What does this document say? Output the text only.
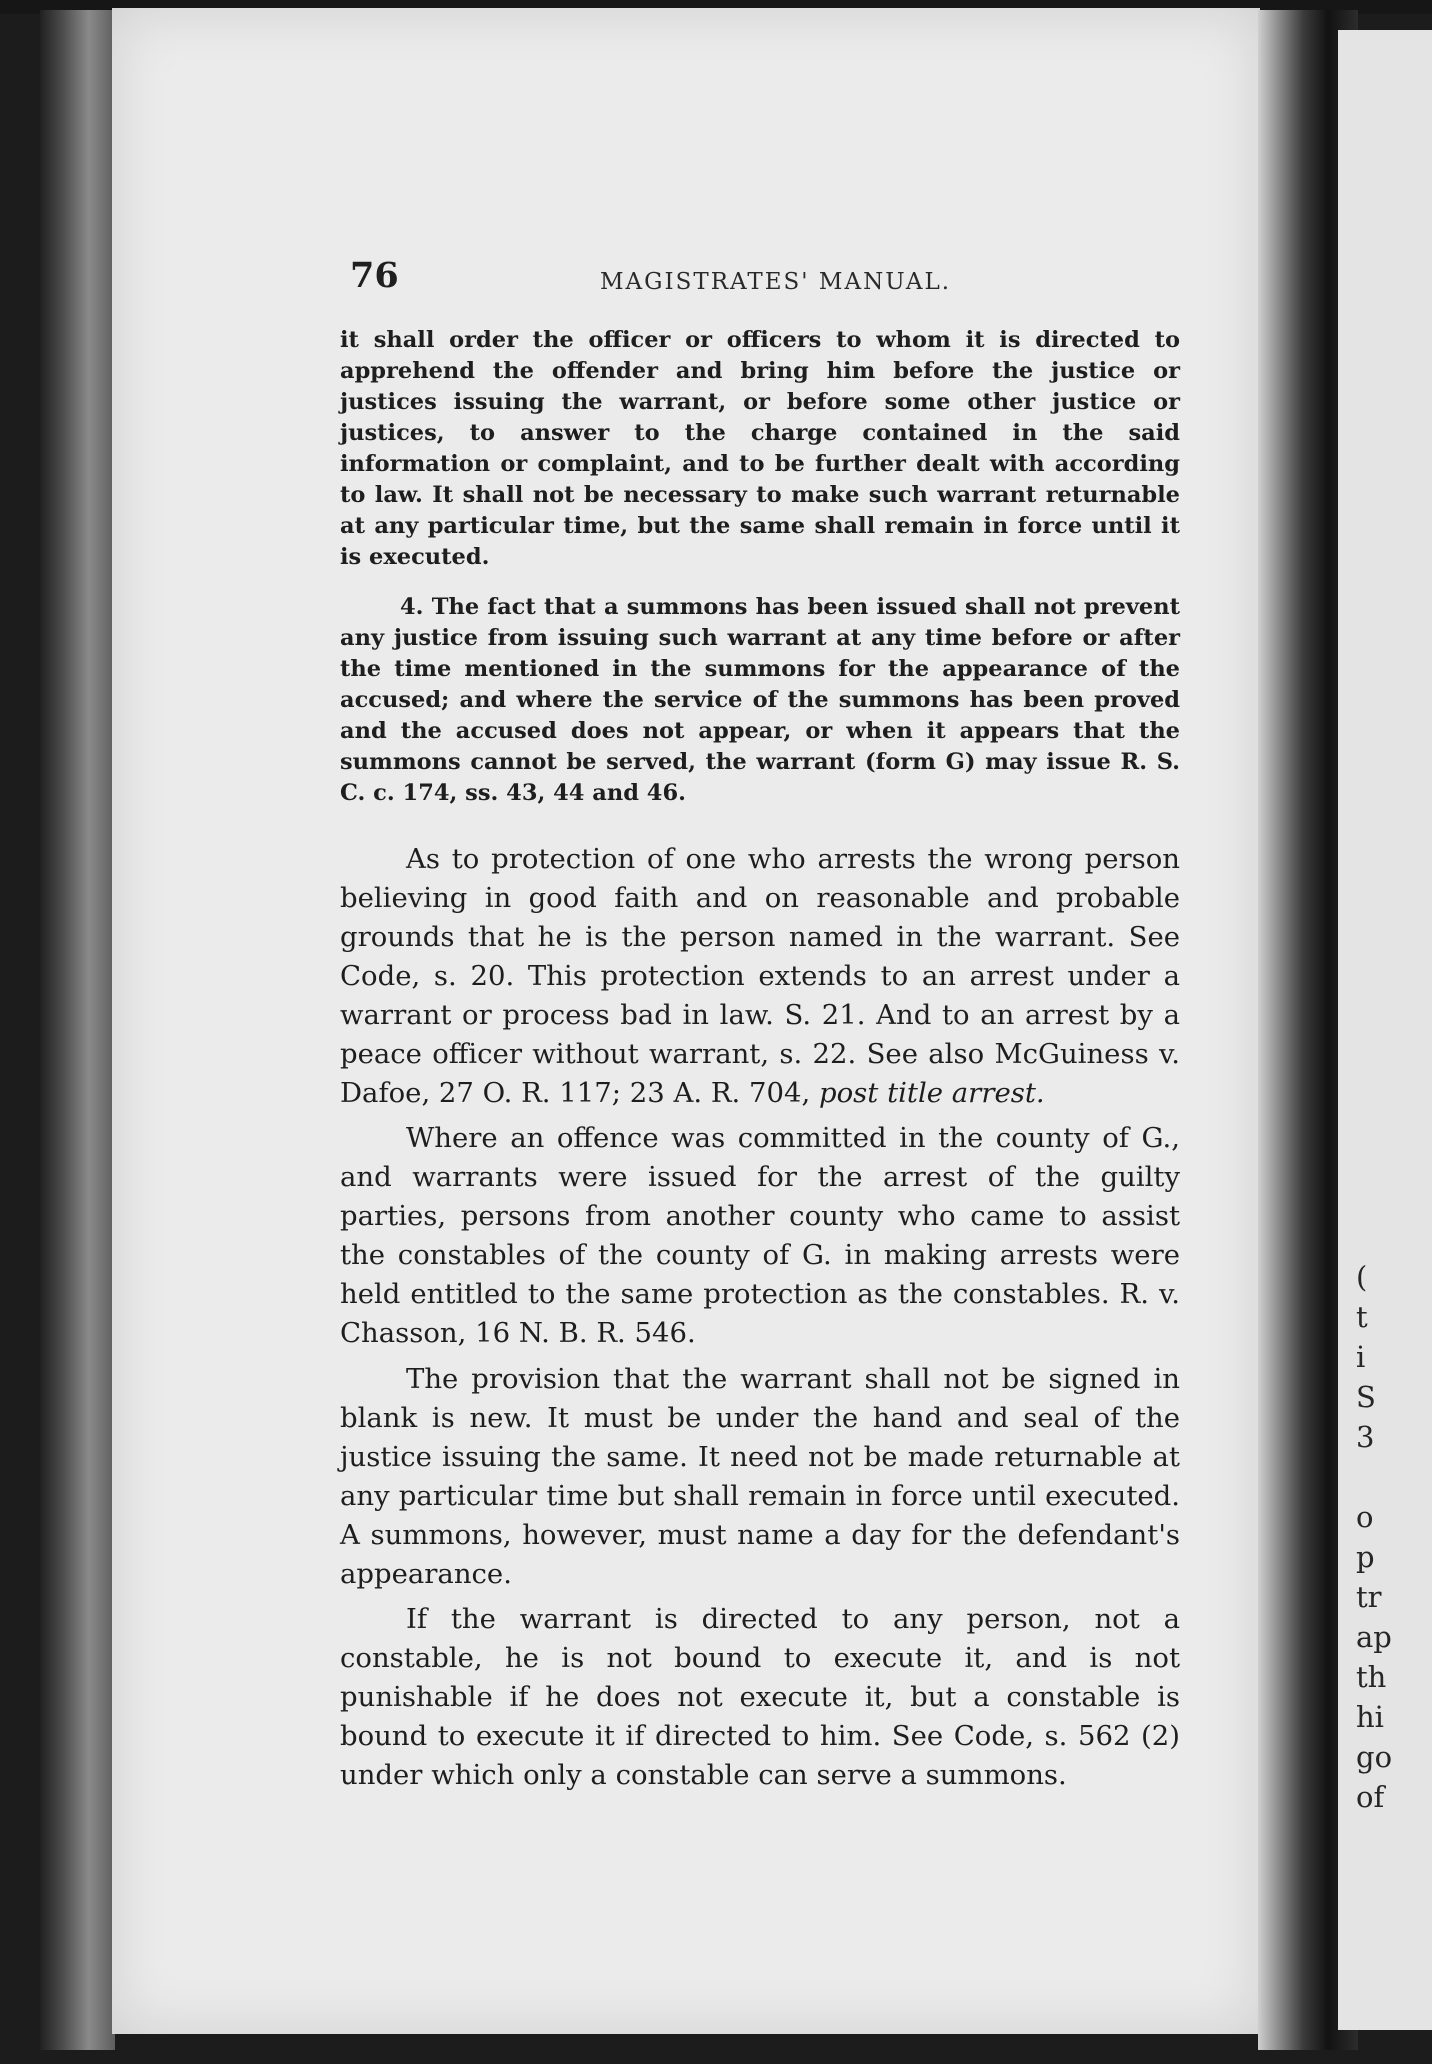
(
t
i
S
3
o
p
tr
ap
th
hi
go
of
76	MAGISTRATES' MANUAL.

it shall order the officer or officers to whom it is directed to apprehend the offender and bring him before the justice or justices issuing the warrant, or before some other justice or justices, to answer to the charge contained in the said information or complaint, and to be further dealt with according to law. It shall not be necessary to make such warrant returnable at any particular time, but the same shall remain in force until it is executed.

4. The fact that a summons has been issued shall not prevent any justice from issuing such warrant at any time before or after the time mentioned in the summons for the appearance of the accused; and where the service of the summons has been proved and the accused does not appear, or when it appears that the summons cannot be served, the warrant (form G) may issue R. S. C. c. 174, ss. 43, 44 and 46.

As to protection of one who arrests the wrong person believing in good faith and on reasonable and probable grounds that he is the person named in the warrant. See Code, s. 20. This protection extends to an arrest under a warrant or process bad in law. S. 21. And to an arrest by a peace officer without warrant, s. 22. See also McGuiness v. Dafoe, 27 O. R. 117; 23 A. R. 704, post title arrest.

Where an offence was committed in the county of G., and warrants were issued for the arrest of the guilty parties, persons from another county who came to assist the constables of the county of G. in making arrests were held entitled to the same protection as the constables. R. v. Chasson, 16 N. B. R. 546.

The provision that the warrant shall not be signed in blank is new. It must be under the hand and seal of the justice issuing the same. It need not be made returnable at any particular time but shall remain in force until executed. A summons, however, must name a day for the defendant's appearance.

If the warrant is directed to any person, not a constable, he is not bound to execute it, and is not punishable if he does not execute it, but a constable is bound to execute it if directed to him. See Code, s. 562 (2) under which only a constable can serve a summons.
